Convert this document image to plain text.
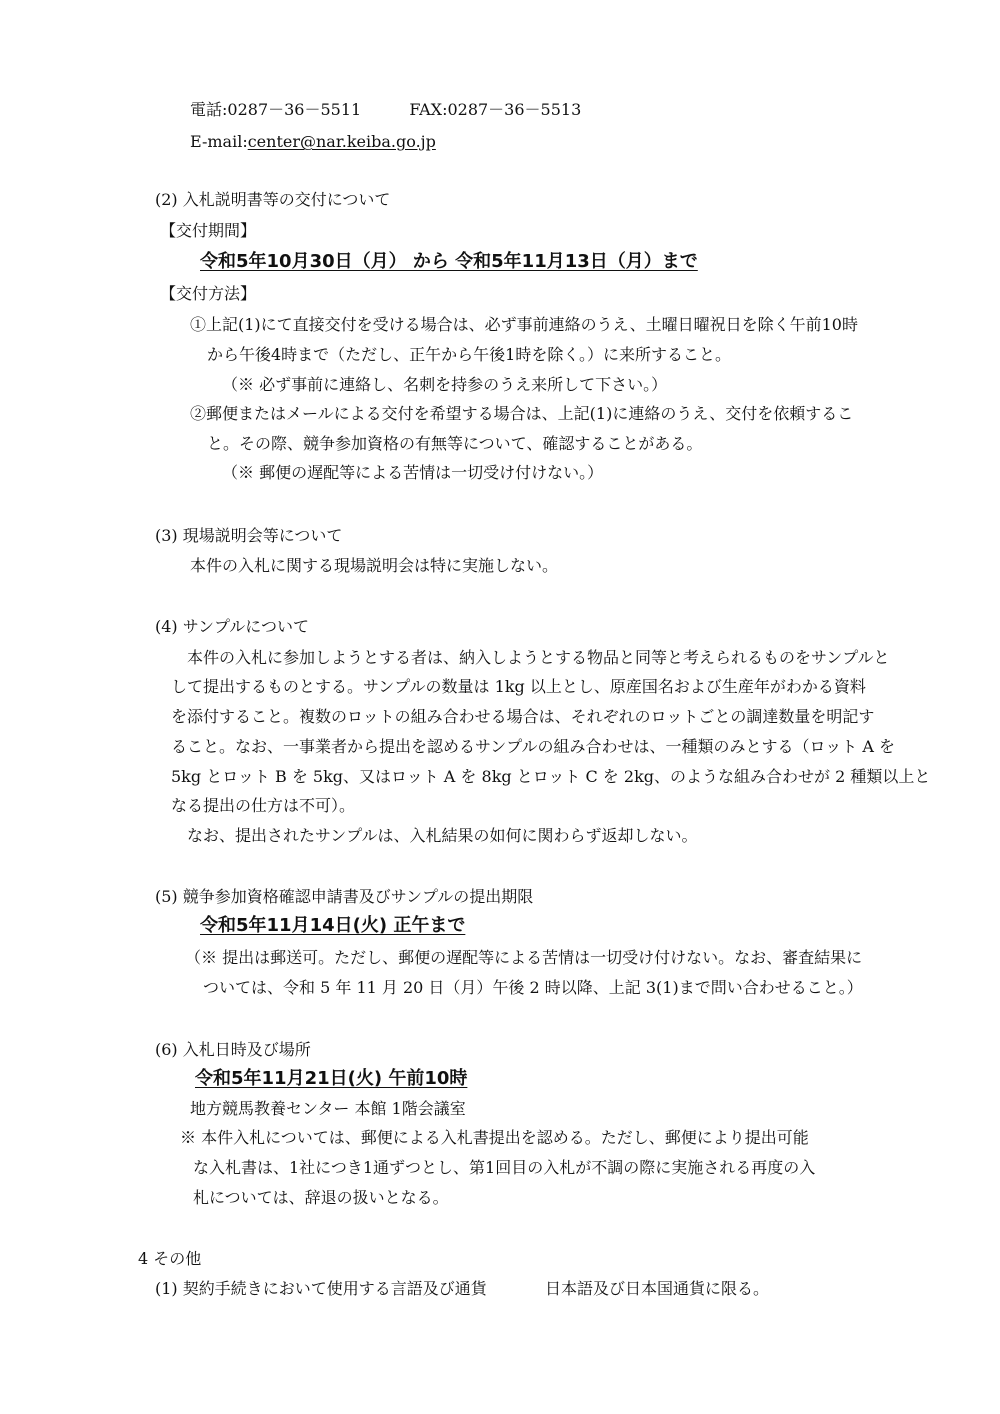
電話:0287－36－5511	FAX:0287－36－5513
E-mail:center@nar.keiba.go.jp
(2) 入札説明書等の交付について
【交付期間】
令和5年10月30日（月） から 令和5年11月13日（月）まで
【交付方法】
①上記(1)にて直接交付を受ける場合は、必ず事前連絡のうえ、土曜日曜祝日を除く午前10時
から午後4時まで（ただし、正午から午後1時を除く。）に来所すること。
（※ 必ず事前に連絡し、名刺を持参のうえ来所して下さい。）
②郵便またはメールによる交付を希望する場合は、上記(1)に連絡のうえ、交付を依頼するこ
と。その際、競争参加資格の有無等について、確認することがある。
（※ 郵便の遅配等による苦情は一切受け付けない。）
(3) 現場説明会等について
本件の入札に関する現場説明会は特に実施しない。
(4) サンプルについて
本件の入札に参加しようとする者は、納入しようとする物品と同等と考えられるものをサンプルと
して提出するものとする。サンプルの数量は 1kg 以上とし、原産国名および生産年がわかる資料
を添付すること。複数のロットの組み合わせる場合は、それぞれのロットごとの調達数量を明記す
ること。なお、一事業者から提出を認めるサンプルの組み合わせは、一種類のみとする（ロット A を
5kg とロット B を 5kg、又はロット A を 8kg とロット C を 2kg、のような組み合わせが 2 種類以上と
なる提出の仕方は不可）。
なお、提出されたサンプルは、入札結果の如何に関わらず返却しない。
(5) 競争参加資格確認申請書及びサンプルの提出期限
令和5年11月14日(火) 正午まで
（※ 提出は郵送可。ただし、郵便の遅配等による苦情は一切受け付けない。なお、審査結果に
ついては、令和 5 年 11 月 20 日（月）午後 2 時以降、上記 3(1)まで問い合わせること。）
(6) 入札日時及び場所
令和5年11月21日(火) 午前10時
地方競馬教養センター 本館 1階会議室
※ 本件入札については、郵便による入札書提出を認める。ただし、郵便により提出可能
な入札書は、1社につき1通ずつとし、第1回目の入札が不調の際に実施される再度の入
札については、辞退の扱いとなる。
4 その他
(1) 契約手続きにおいて使用する言語及び通貨	日本語及び日本国通貨に限る。
